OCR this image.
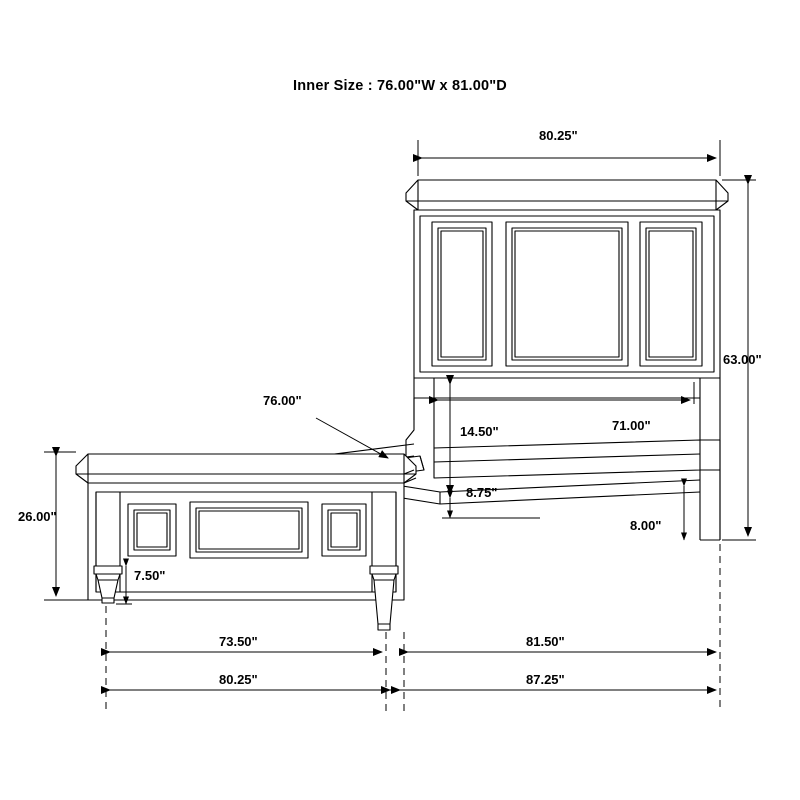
Inner Size : 76.00"W x 81.00"D
80.25"
63.00"
71.00"
76.00"
14.50"
8.75"
8.00"
26.00"
7.50"
73.50"	81.50"
80.25"	87.25"
